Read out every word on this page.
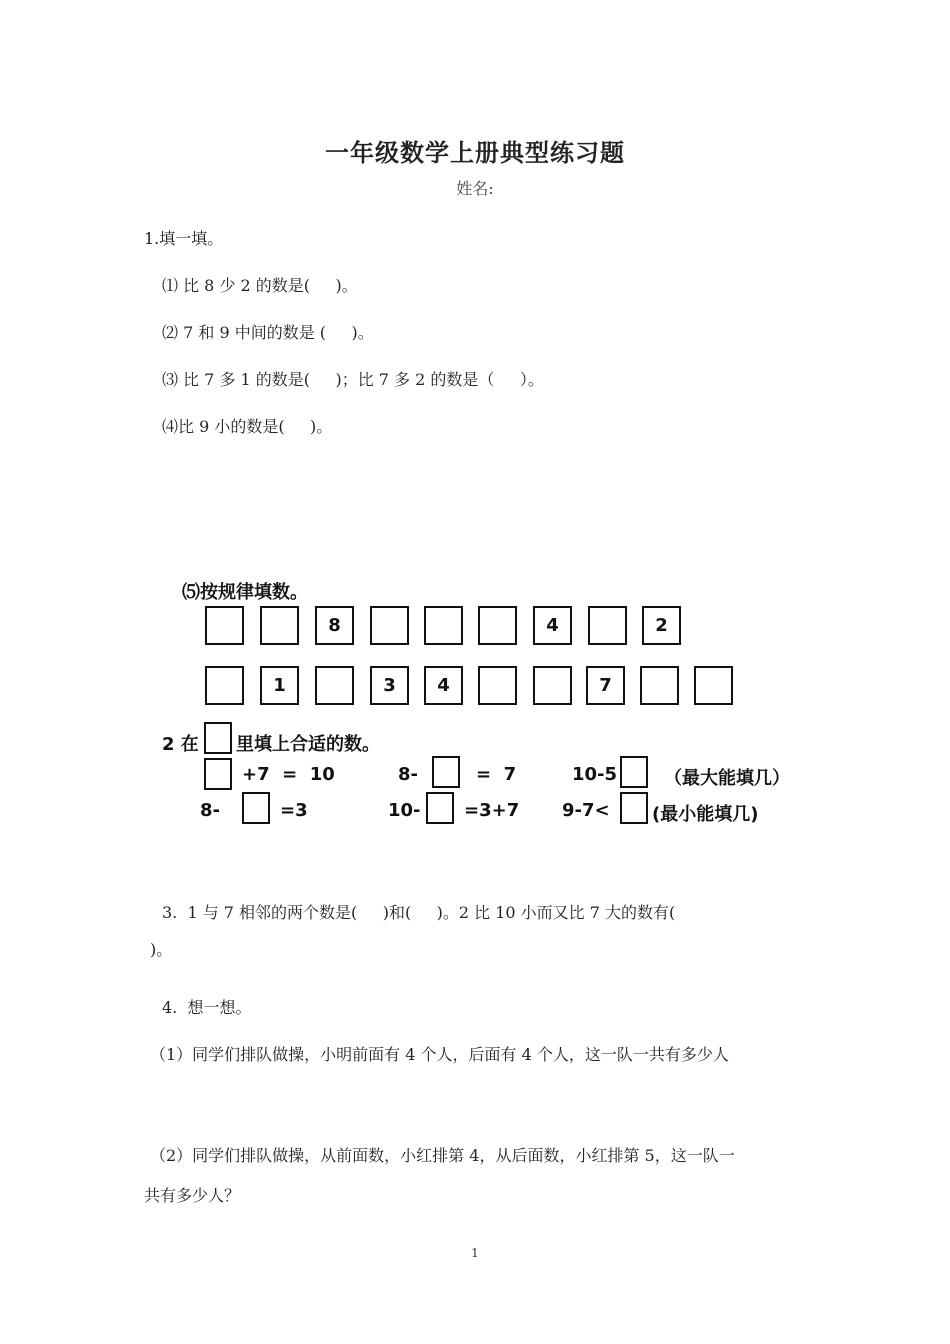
一年级数学上册典型练习题
姓名:
1.填一填。
⑴ 比 8 少 2 的数是(     )。
⑵ 7 和 9 中间的数是 (     )。
⑶ 比 7 多 1 的数是(     )；比 7 多 2 的数是（     ）。
⑷比 9 小的数是(     )。
⑸按规律填数。
8	4	2
1	3	4	7
2 在 里填上合适的数。
+7  =  10	8-	=  7	10-5	（最大能填几）
8-	=3	10- =3+7 9-7< (最小能填几)
3.  1 与 7 相邻的两个数是(     )和(     )。2 比 10 小而又比 7 大的数有(
)。
4.  想一想。
（1）同学们排队做操，小明前面有 4 个人，后面有 4 个人，这一队一共有多少人
（2）同学们排队做操，从前面数，小红排第 4，从后面数，小红排第 5，这一队一
共有多少人？
1
